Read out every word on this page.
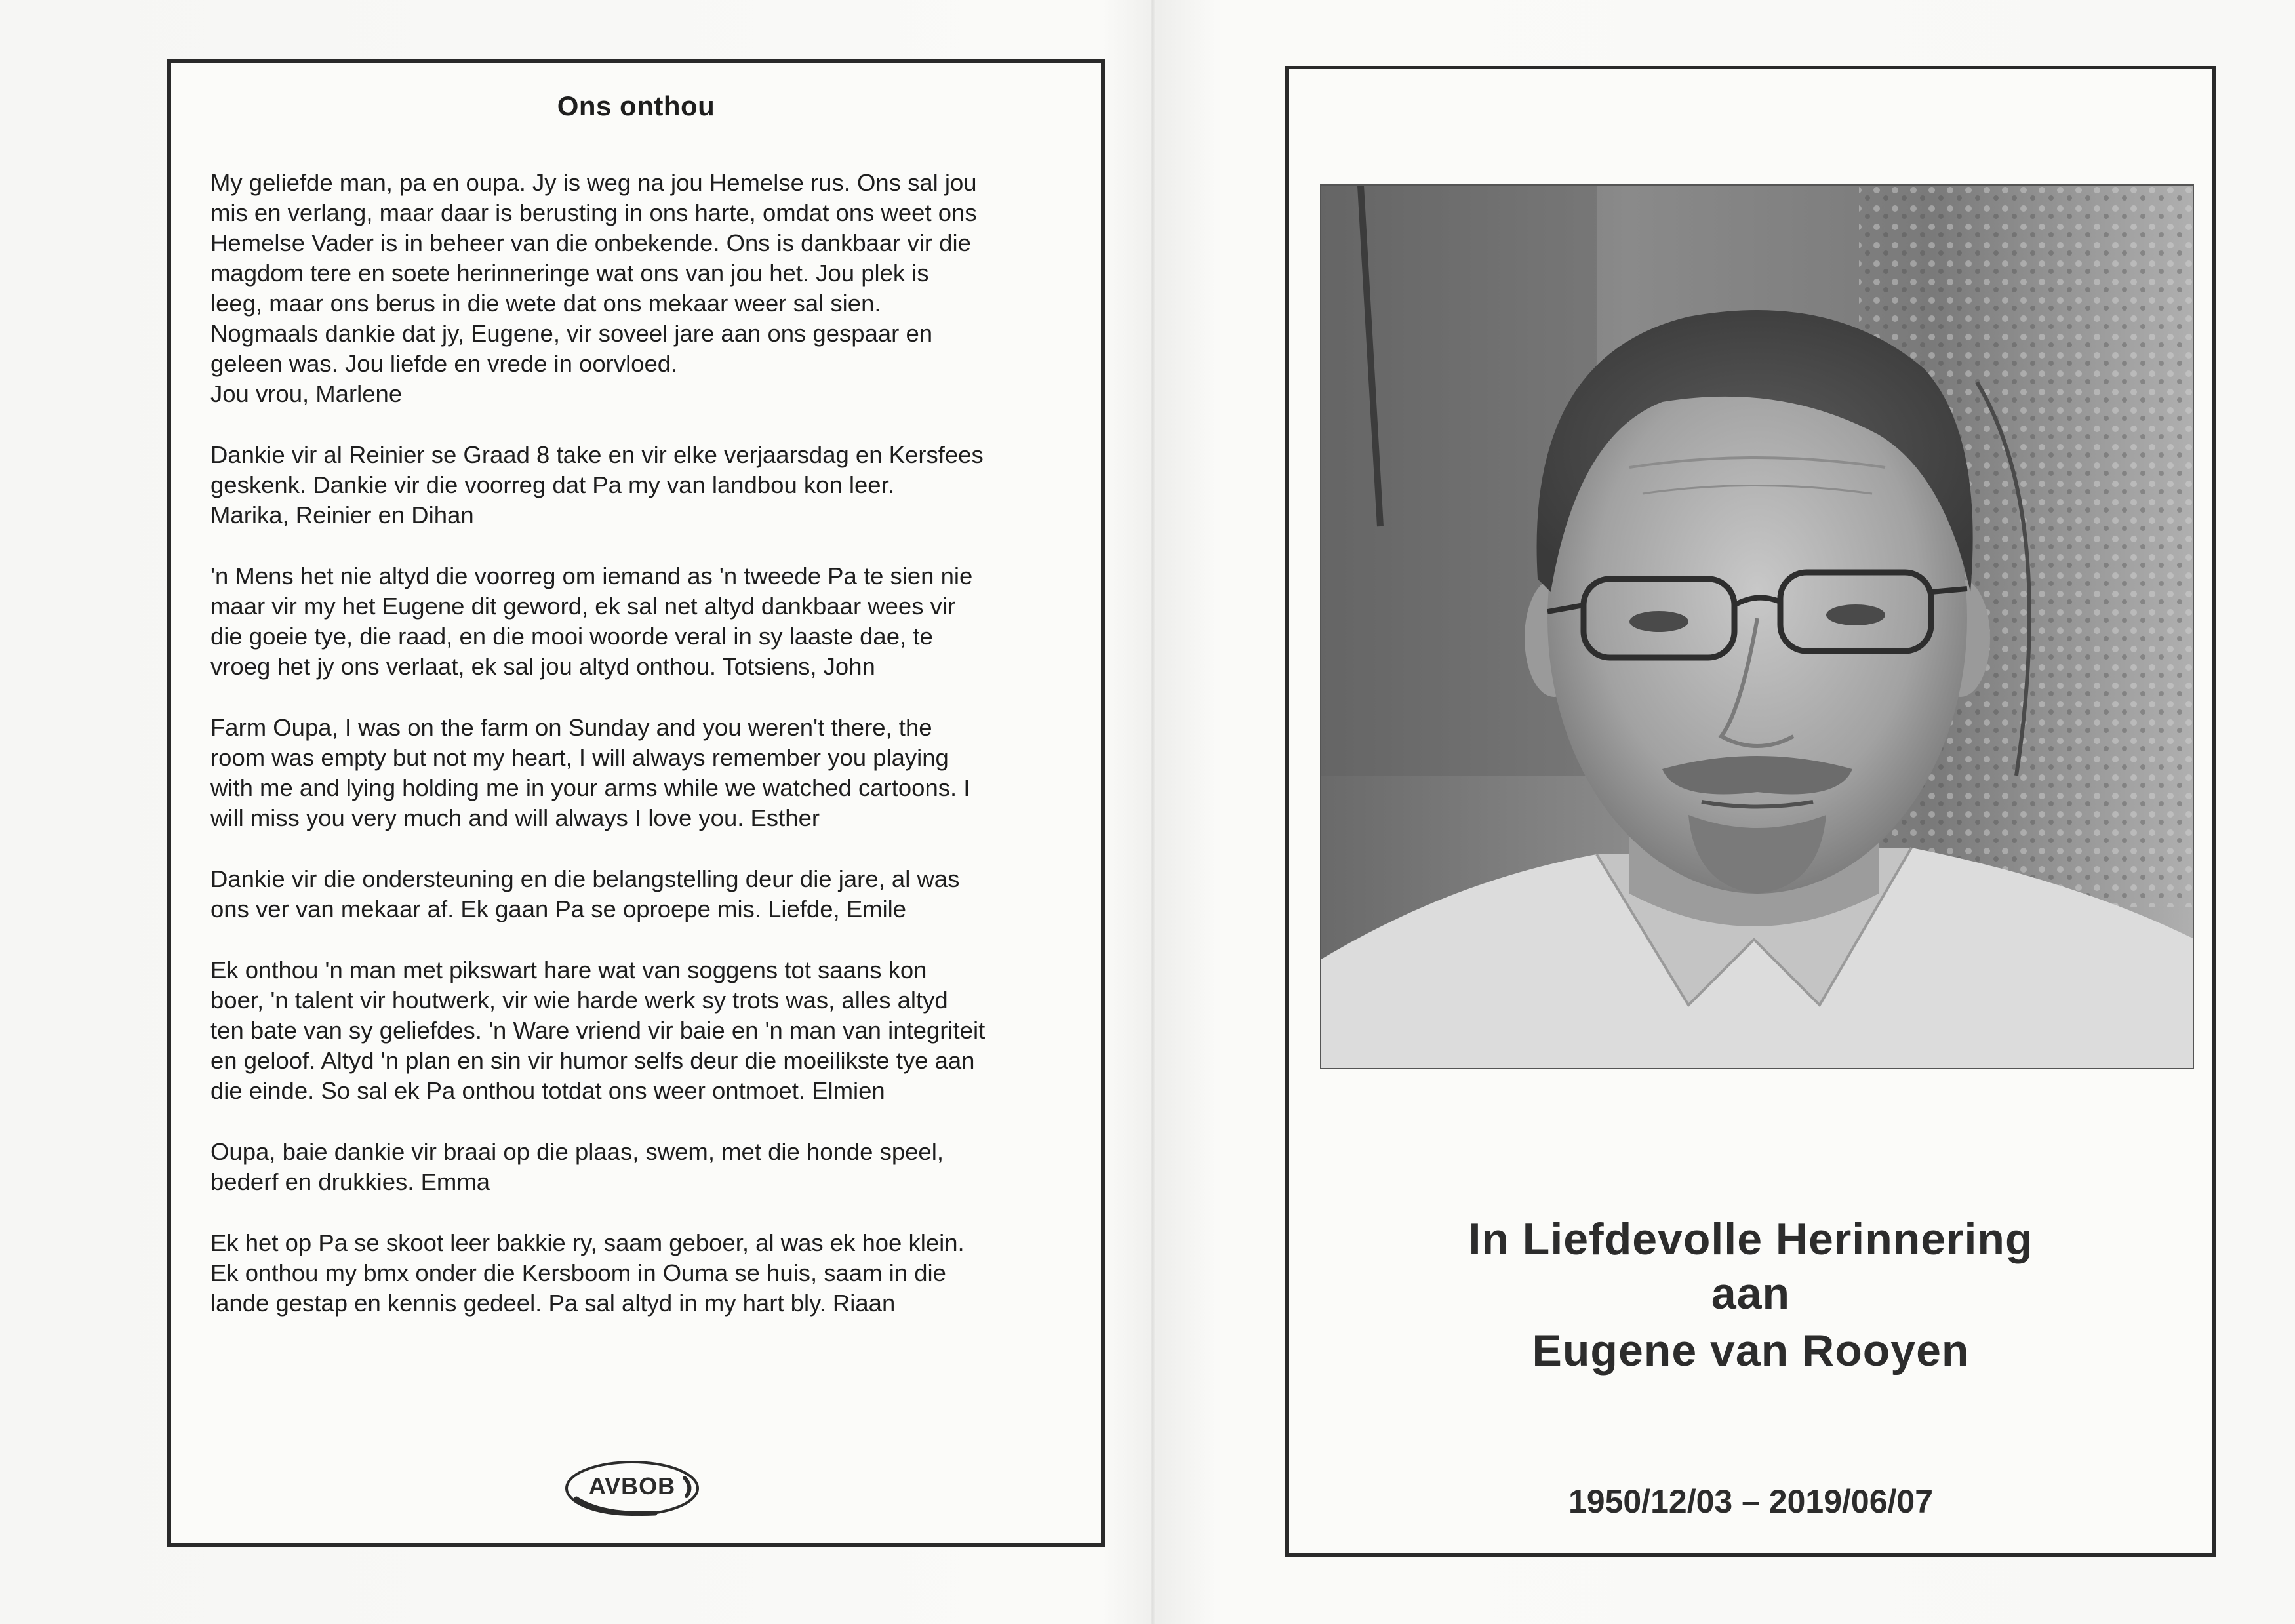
Ons onthou
My geliefde man, pa en oupa. Jy is weg na jou Hemelse rus. Ons sal jou
mis en verlang, maar daar is berusting in ons harte, omdat ons weet ons
Hemelse Vader is in beheer van die onbekende. Ons is dankbaar vir die
magdom tere en soete herinneringe wat ons van jou het. Jou plek is
leeg, maar ons berus in die wete dat ons mekaar weer sal sien.
Nogmaals dankie dat jy, Eugene, vir soveel jare aan ons gespaar en
geleen was. Jou liefde en vrede in oorvloed.
Jou vrou, Marlene
Dankie vir al Reinier se Graad 8 take en vir elke verjaarsdag en Kersfees
geskenk. Dankie vir die voorreg dat Pa my van landbou kon leer.
Marika, Reinier en Dihan
'n Mens het nie altyd die voorreg om iemand as 'n tweede Pa te sien nie
maar vir my het Eugene dit geword, ek sal net altyd dankbaar wees vir
die goeie tye, die raad, en die mooi woorde veral in sy laaste dae, te
vroeg het jy ons verlaat, ek sal jou altyd onthou. Totsiens, John
Farm Oupa, I was on the farm on Sunday and you weren't there, the
room was empty but not my heart, I will always remember you playing
with me and lying holding me in your arms while we watched cartoons. I
will miss you very much and will always I love you. Esther
Dankie vir die ondersteuning en die belangstelling deur die jare, al was
ons ver van mekaar af. Ek gaan Pa se oproepe mis. Liefde, Emile
Ek onthou 'n man met pikswart hare wat van soggens tot saans kon
boer, 'n talent vir houtwerk, vir wie harde werk sy trots was, alles altyd
ten bate van sy geliefdes. 'n Ware vriend vir baie en 'n man van integriteit
en geloof. Altyd 'n plan en sin vir humor selfs deur die moeilikste tye aan
die einde. So sal ek Pa onthou totdat ons weer ontmoet. Elmien
Oupa, baie dankie vir braai op die plaas, swem, met die honde speel,
bederf en drukkies. Emma
Ek het op Pa se skoot leer bakkie ry, saam geboer, al was ek hoe klein.
Ek onthou my bmx onder die Kersboom in Ouma se huis, saam in die
lande gestap en kennis gedeel. Pa sal altyd in my hart bly. Riaan
AVBOB
In Liefdevolle Herinnering
aan
Eugene van Rooyen
1950/12/03 – 2019/06/07
